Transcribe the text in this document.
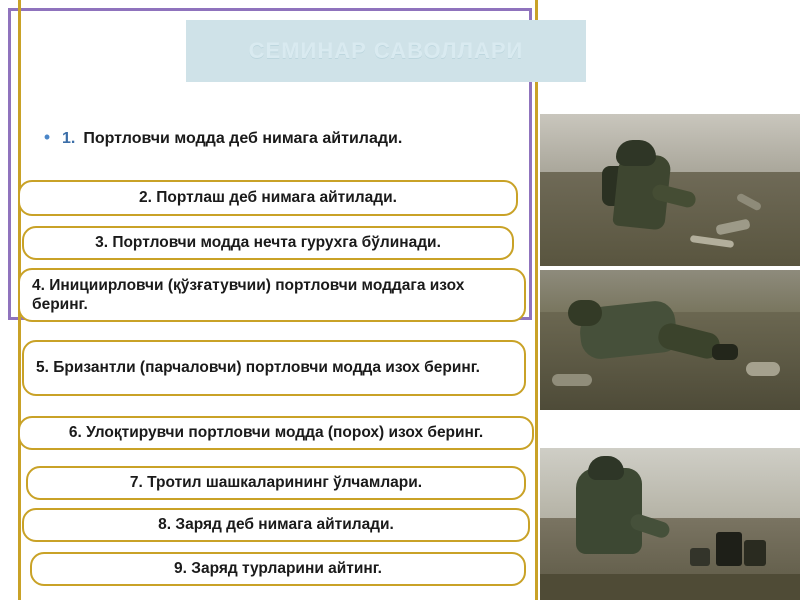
СЕМИНАР САВОЛЛАРИ
• 1. Портловчи модда деб нимага айтилади.
2. Портлаш деб нимага айтилади.
3. Портловчи модда нечта гурухга бўлинади.
4. Инициирловчи (қўзғатувчии) портловчи моддага изох беринг.
5. Бризантли (парчаловчи) портловчи модда изох беринг.
6. Улоқтирувчи портловчи модда (порох) изох беринг.
7. Тротил шашкаларининг ўлчамлари.
8. Заряд деб нимага айтилади.
9. Заряд турларини айтинг.
